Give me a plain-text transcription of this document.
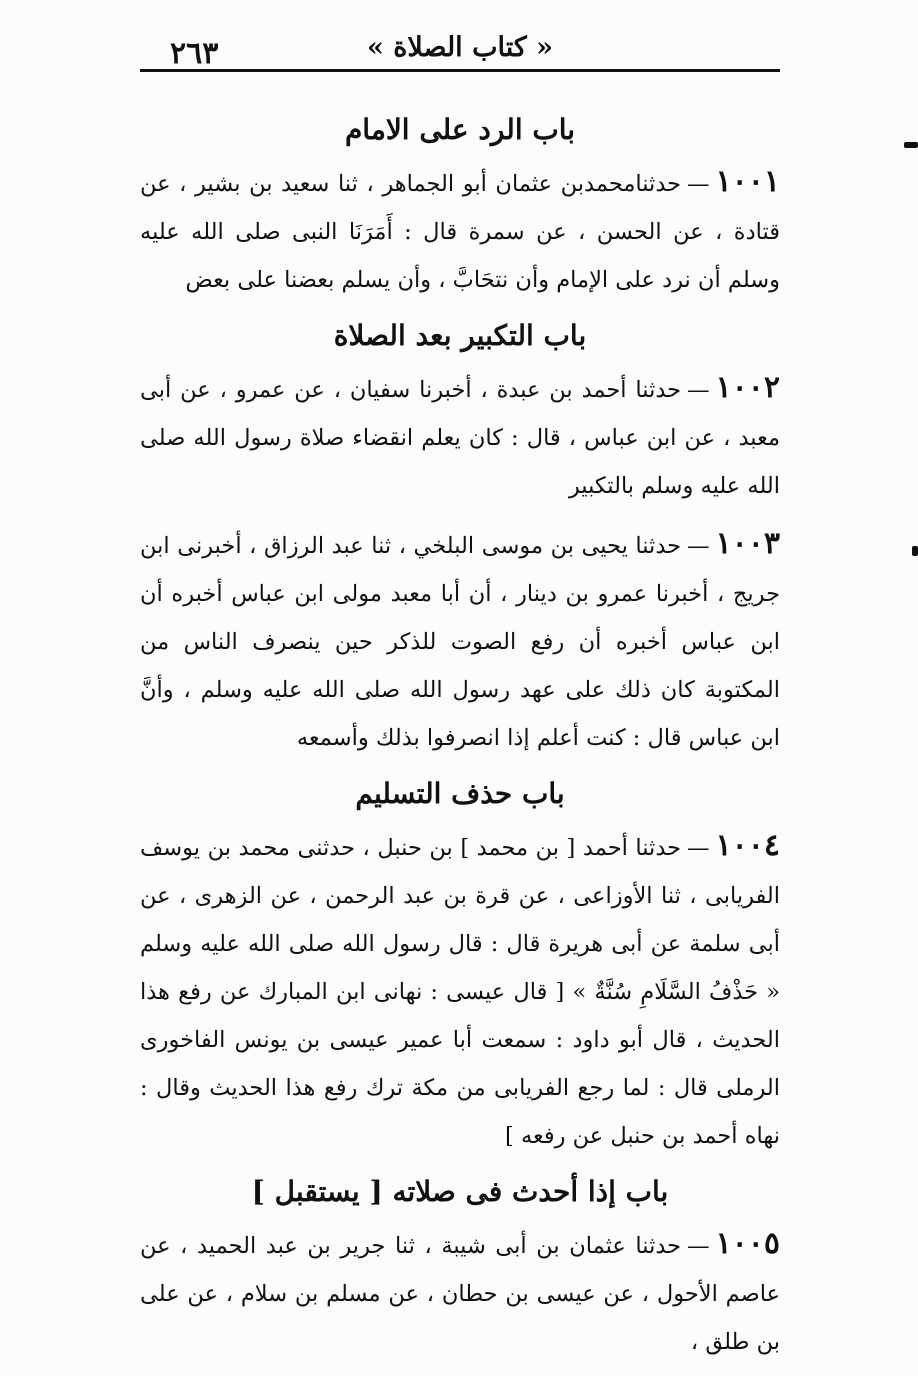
« كتاب الصلاة »
٢٦٣
باب الرد على الامام
١٠٠١—حدثنامحمدبن عثمان أبو الجماهر ، ثنا سعيد بن بشير ، عن قتادة ، عن الحسن ، عن سمرة قال : أَمَرَنَا النبى صلى الله عليه وسلم أن نرد على الإمام وأن نتحَابَّ ، وأن يسلم بعضنا على بعض
باب التكبير بعد الصلاة
١٠٠٢—حدثنا أحمد بن عبدة ، أخبرنا سفيان ، عن عمرو ، عن أبى معبد ، عن ابن عباس ، قال : كان يعلم انقضاء صلاة رسول الله صلى الله عليه وسلم بالتكبير
١٠٠٣—حدثنا يحيى بن موسى البلخي ، ثنا عبد الرزاق ، أخبرنى ابن جريج ، أخبرنا عمرو بن دينار ، أن أبا معبد مولى ابن عباس أخبره أن ابن عباس أخبره أن رفع الصوت للذكر حين ينصرف الناس من المكتوبة كان ذلك على عهد رسول الله صلى الله عليه وسلم ، وأنَّ ابن عباس قال : كنت أعلم إذا انصرفوا بذلك وأسمعه
باب حذف التسليم
١٠٠٤—حدثنا أحمد [ بن محمد ] بن حنبل ، حدثنى محمد بن يوسف الفريابى ، ثنا الأوزاعى ، عن قرة بن عبد الرحمن ، عن الزهرى ، عن أبى سلمة عن أبى هريرة قال : قال رسول الله صلى الله عليه وسلم « حَذْفُ السَّلَامِ سُنَّةٌ » [ قال عيسى : نهانى ابن المبارك عن رفع هذا الحديث ، قال أبو داود : سمعت أبا عمير عيسى بن يونس الفاخورى الرملى قال : لما رجع الفريابى من مكة ترك رفع هذا الحديث وقال : نهاه أحمد بن حنبل عن رفعه ]
باب إذا أحدث فى صلاته [ يستقبل ]
١٠٠٥—حدثنا عثمان بن أبى شيبة ، ثنا جرير بن عبد الحميد ، عن عاصم الأحول ، عن عيسى بن حطان ، عن مسلم بن سلام ، عن على بن طلق ،
